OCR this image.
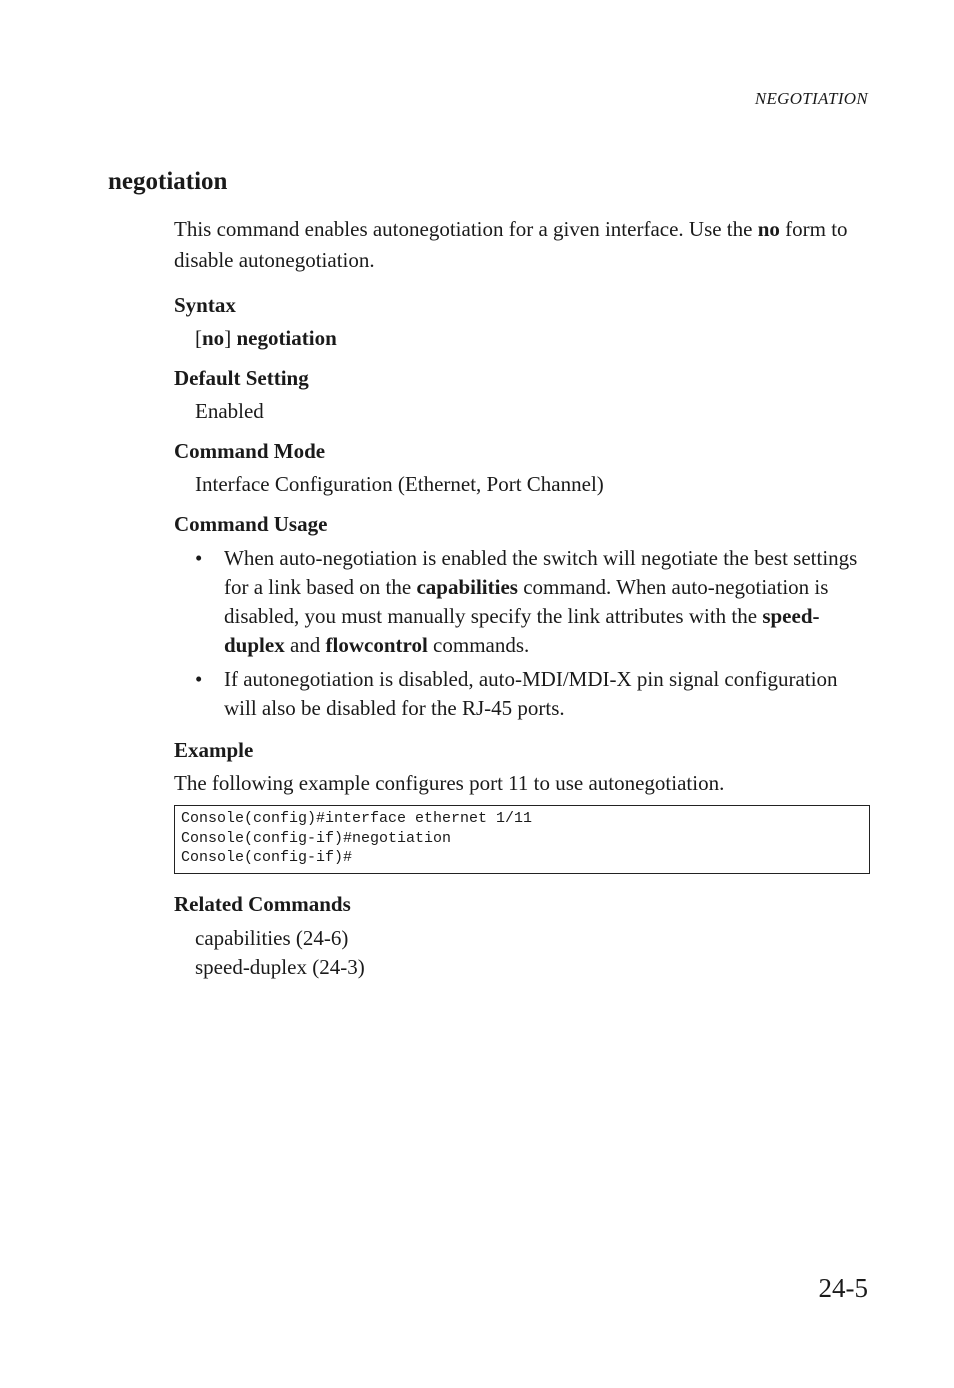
NEGOTIATION
negotiation

This command enables autonegotiation for a given interface. Use the no form to disable autonegotiation.

Syntax
[no] negotiation
Default Setting
Enabled
Command Mode
Interface Configuration (Ethernet, Port Channel)
Command Usage
• When auto-negotiation is enabled the switch will negotiate the best settings for a link based on the capabilities command. When auto-negotiation is disabled, you must manually specify the link attributes with the speed-duplex and flowcontrol commands.
• If autonegotiation is disabled, auto-MDI/MDI-X pin signal configuration will also be disabled for the RJ-45 ports.
Example
The following example configures port 11 to use autonegotiation.
Console(config)#interface ethernet 1/11
Console(config-if)#negotiation
Console(config-if)#
Related Commands
capabilities (24-6)
speed-duplex (24-3)
24-5
